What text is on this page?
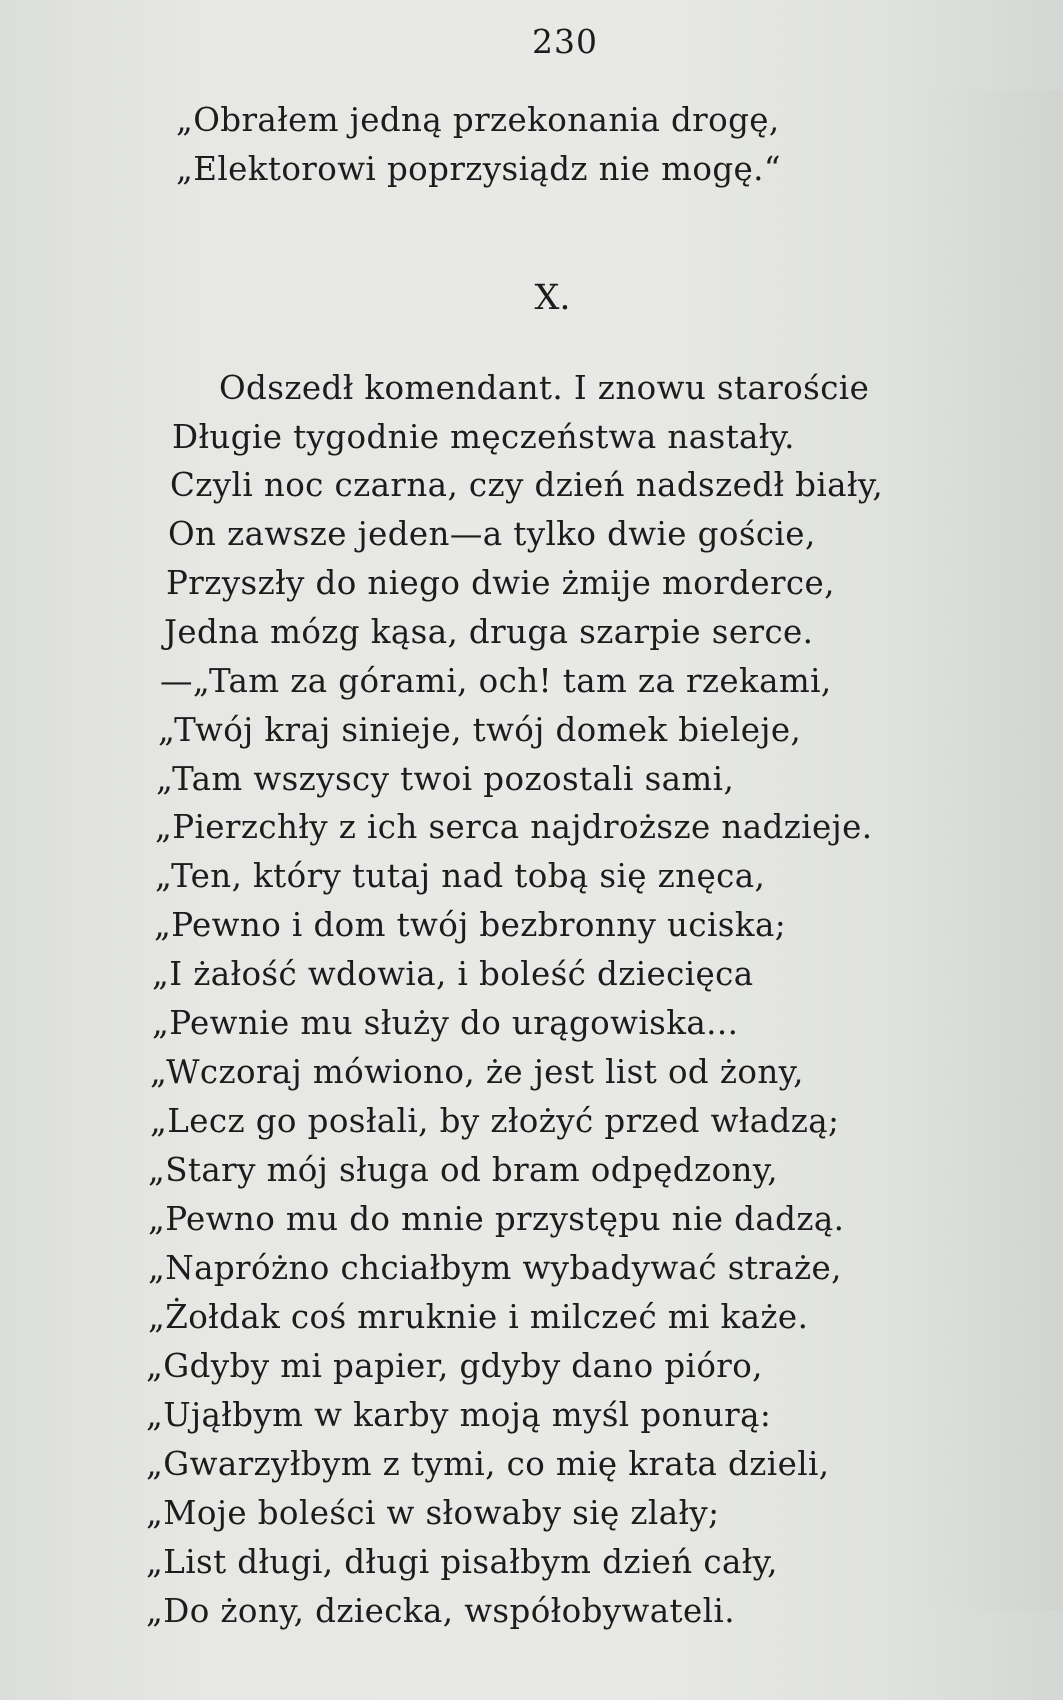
230
„Obrałem jedną przekonania drogę,
„Elektorowi poprzysiądz nie mogę.“
X.
Odszedł komendant. I znowu staroście
Długie tygodnie męczeństwa nastały.
Czyli noc czarna, czy dzień nadszedł biały,
On zawsze jeden—a tylko dwie goście,
Przyszły do niego dwie żmije morderce,
Jedna mózg kąsa, druga szarpie serce.
—„Tam za górami, och! tam za rzekami,
„Twój kraj sinieje, twój domek bieleje,
„Tam wszyscy twoi pozostali sami,
„Pierzchły z ich serca najdroższe nadzieje.
„Ten, który tutaj nad tobą się znęca,
„Pewno i dom twój bezbronny uciska;
„I żałość wdowia, i boleść dziecięca
„Pewnie mu służy do urągowiska...
„Wczoraj mówiono, że jest list od żony,
„Lecz go posłali, by złożyć przed władzą;
„Stary mój sługa od bram odpędzony,
„Pewno mu do mnie przystępu nie dadzą.
„Napróżno chciałbym wybadywać straże,
„Żołdak coś mruknie i milczeć mi każe.
„Gdyby mi papier, gdyby dano pióro,
„Ująłbym w karby moją myśl ponurą:
„Gwarzyłbym z tymi, co mię krata dzieli,
„Moje boleści w słowaby się zlały;
„List długi, długi pisałbym dzień cały,
„Do żony, dziecka, współobywateli.
